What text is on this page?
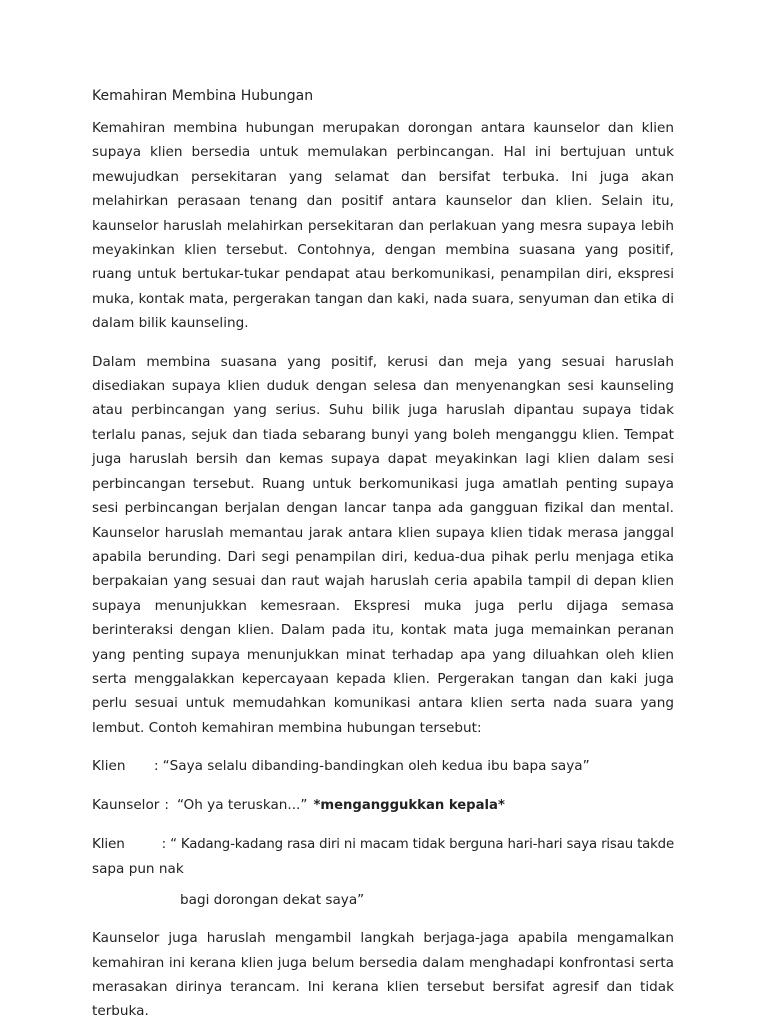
Kemahiran Membina Hubungan

Kemahiran membina hubungan merupakan dorongan antara kaunselor dan klien supaya klien bersedia untuk memulakan perbincangan. Hal ini bertujuan untuk mewujudkan persekitaran yang selamat dan bersifat terbuka. Ini juga akan melahirkan perasaan tenang dan positif antara kaunselor dan klien. Selain itu, kaunselor haruslah melahirkan persekitaran dan perlakuan yang mesra supaya lebih meyakinkan klien tersebut. Contohnya, dengan membina suasana yang positif, ruang untuk bertukar-tukar pendapat atau berkomunikasi, penampilan diri, ekspresi muka, kontak mata, pergerakan tangan dan kaki, nada suara, senyuman dan etika di dalam bilik kaunseling.

Dalam membina suasana yang positif, kerusi dan meja yang sesuai haruslah disediakan supaya klien duduk dengan selesa dan menyenangkan sesi kaunseling atau perbincangan yang serius. Suhu bilik juga haruslah dipantau supaya tidak terlalu panas, sejuk dan tiada sebarang bunyi yang boleh menganggu klien. Tempat juga haruslah bersih dan kemas supaya dapat meyakinkan lagi klien dalam sesi perbincangan tersebut. Ruang untuk berkomunikasi juga amatlah penting supaya sesi perbincangan berjalan dengan lancar tanpa ada gangguan fizikal dan mental. Kaunselor haruslah memantau jarak antara klien supaya klien tidak merasa janggal apabila berunding. Dari segi penampilan diri, kedua-dua pihak perlu menjaga etika berpakaian yang sesuai dan raut wajah haruslah ceria apabila tampil di depan klien supaya menunjukkan kemesraan. Ekspresi muka juga perlu dijaga semasa berinteraksi dengan klien. Dalam pada itu, kontak mata juga memainkan peranan yang penting supaya menunjukkan minat terhadap apa yang diluahkan oleh klien serta menggalakkan kepercayaan kepada klien. Pergerakan tangan dan kaki juga perlu sesuai untuk memudahkan komunikasi antara klien serta nada suara yang lembut. Contoh kemahiran membina hubungan tersebut:

Klien	: “Saya selalu dibanding-bandingkan oleh kedua ibu bapa saya”
Kaunselor : “Oh ya teruskan...” *menganggukkan kepala*
Klien	: “ Kadang-kadang rasa diri ni macam tidak berguna hari-hari saya risau takde
sapa pun nak
bagi dorongan dekat saya”

Kaunselor juga haruslah mengambil langkah berjaga-jaga apabila mengamalkan kemahiran ini kerana klien juga belum bersedia dalam menghadapi konfrontasi serta merasakan dirinya terancam. Ini kerana klien tersebut bersifat agresif dan tidak terbuka.
